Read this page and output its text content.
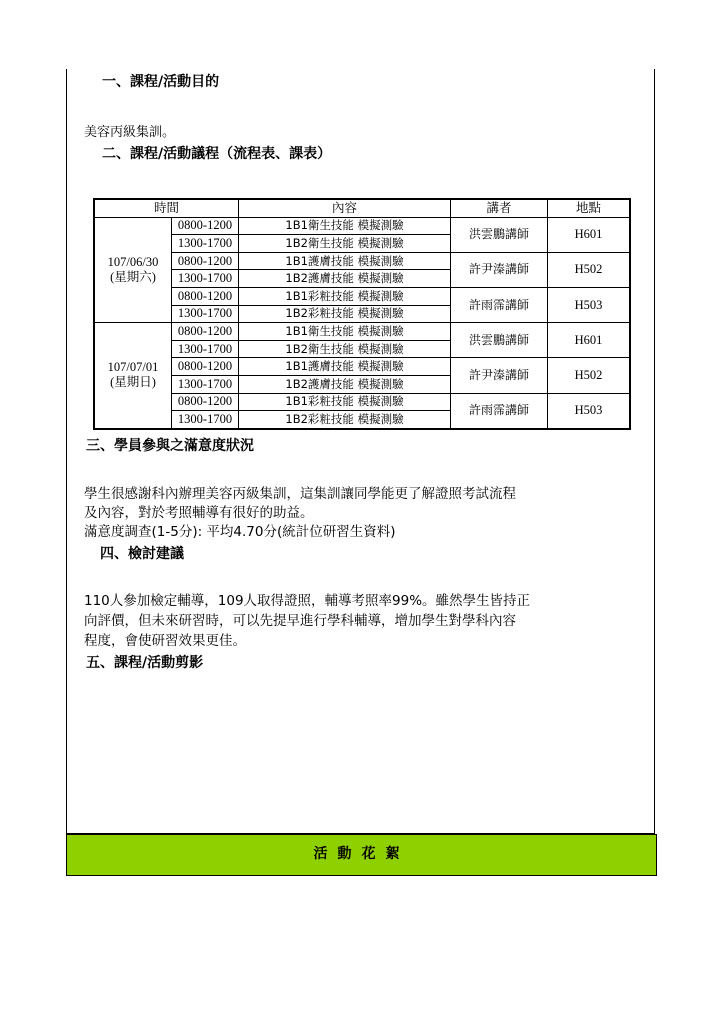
一、課程/活動目的
美容丙級集訓。
二、課程/活動議程（流程表、課表）
時間		內容	講者	地點

107/06/30
(星期六)	0800-1200	1B1衛生技能 模擬測驗	洪雲鵬講師	H601
	1300-1700	1B2衛生技能 模擬測驗		
	0800-1200	1B1護膚技能 模擬測驗	許尹溱講師	H502
	1300-1700	1B2護膚技能 模擬測驗		
	0800-1200	1B1彩粧技能 模擬測驗	許雨霈講師	H503
	1300-1700	1B2彩粧技能 模擬測驗		

107/07/01
(星期日)	0800-1200	1B1衛生技能 模擬測驗	洪雲鵬講師	H601
	1300-1700	1B2衛生技能 模擬測驗		
	0800-1200	1B1護膚技能 模擬測驗	許尹溱講師	H502
	1300-1700	1B2護膚技能 模擬測驗		
	0800-1200	1B1彩粧技能 模擬測驗	許雨霈講師	H503
	1300-1700	1B2彩粧技能 模擬測驗		
三、學員參與之滿意度狀況
學生很感謝科內辦理美容丙級集訓，這集訓讓同學能更了解證照考試流程
及內容，對於考照輔導有很好的助益。
滿意度調查(1-5分): 平均4.70分(統計位研習生資料)
四、檢討建議
110人參加檢定輔導，109人取得證照，輔導考照率99%。雖然學生皆持正
向評價，但未來研習時，可以先提早進行學科輔導，增加學生對學科內容
程度，會使研習效果更佳。
五、課程/活動剪影
活動花絮
